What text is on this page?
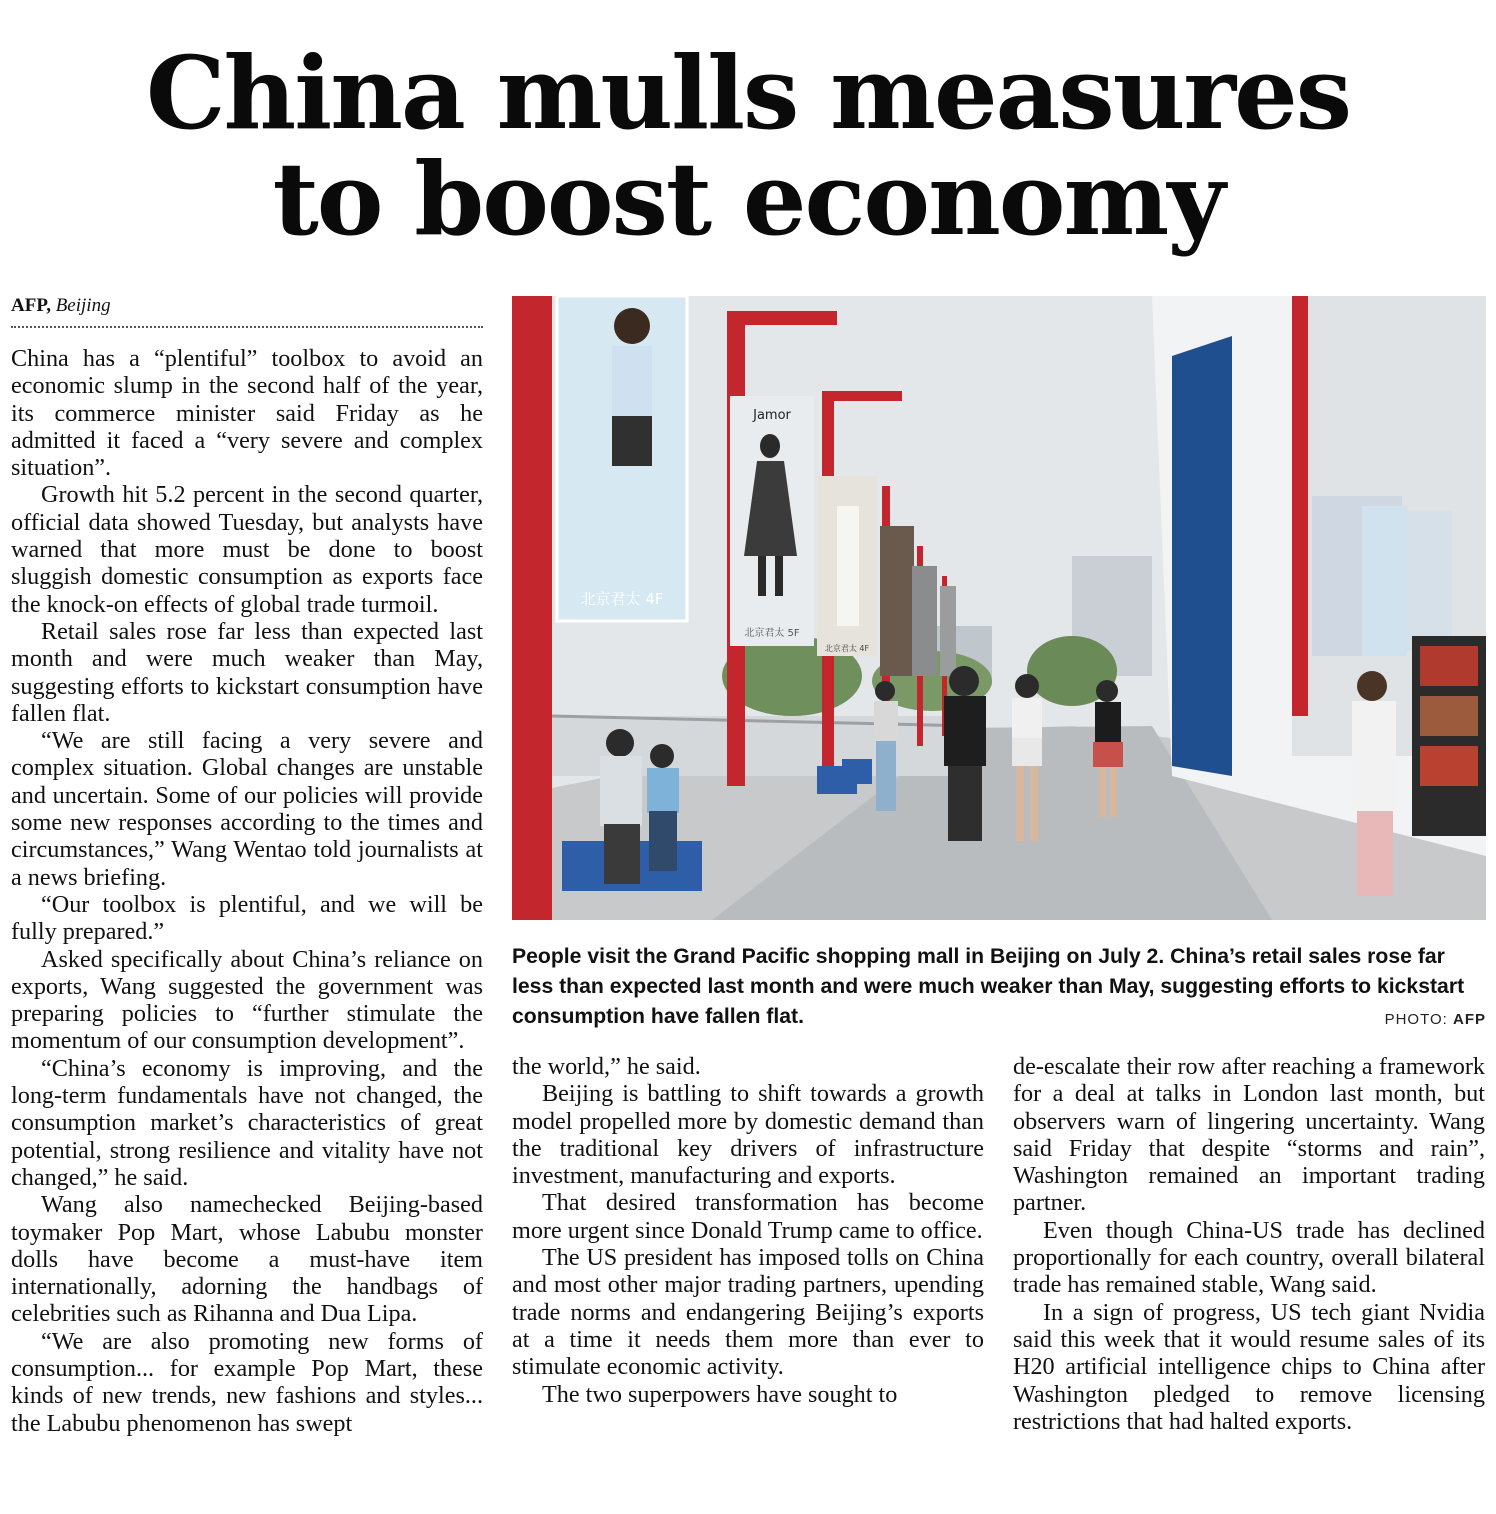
China mulls measures
to boost economy
AFP, Beijing

China has a “plentiful” toolbox to avoid an economic slump in the second half of the year, its commerce minister said Friday as he admitted it faced a “very severe and complex situation”.

Growth hit 5.2 percent in the second quarter, official data showed Tuesday, but analysts have warned that more must be done to boost sluggish domestic consumption as exports face the knock-on effects of global trade turmoil.

Retail sales rose far less than expected last month and were much weaker than May, suggesting efforts to kickstart consumption have fallen flat.

“We are still facing a very severe and complex situation. Global changes are unstable and uncertain. Some of our policies will provide some new responses according to the times and circumstances,” Wang Wentao told journalists at a news briefing.

“Our toolbox is plentiful, and we will be fully prepared.”

Asked specifically about China’s reliance on exports, Wang suggested the government was preparing policies to “further stimulate the momentum of our consumption development”.

“China’s economy is improving, and the long-term fundamentals have not changed, the consumption market’s characteristics of great potential, strong resilience and vitality have not changed,” he said.

Wang also namechecked Beijing-based toymaker Pop Mart, whose Labubu monster dolls have become a must-have item internationally, adorning the handbags of celebrities such as Rihanna and Dua Lipa.

“We are also promoting new forms of consumption... for example Pop Mart, these kinds of new trends, new fashions and styles... the Labubu phenomenon has swept

北京君太 4F
Jamor
北京君太 5F
北京君太 4F
People visit the Grand Pacific shopping mall in Beijing on July 2. China’s retail sales rose far less than expected last month and were much weaker than May, suggesting efforts to kickstart consumption have fallen flat.	PHOTO: AFP

the world,” he said.

Beijing is battling to shift towards a growth model propelled more by domestic demand than the traditional key drivers of infrastructure investment, manufacturing and exports.

That desired transformation has become more urgent since Donald Trump came to office.

The US president has imposed tolls on China and most other major trading partners, upending trade norms and endangering Beijing’s exports at a time it needs them more than ever to stimulate economic activity.

The two superpowers have sought to

de-escalate their row after reaching a framework for a deal at talks in London last month, but observers warn of lingering uncertainty. Wang said Friday that despite “storms and rain”, Washington remained an important trading partner.

Even though China-US trade has declined proportionally for each country, overall bilateral trade has remained stable, Wang said.

In a sign of progress, US tech giant Nvidia said this week that it would resume sales of its H20 artificial intelligence chips to China after Washington pledged to remove licensing restrictions that had halted exports.
